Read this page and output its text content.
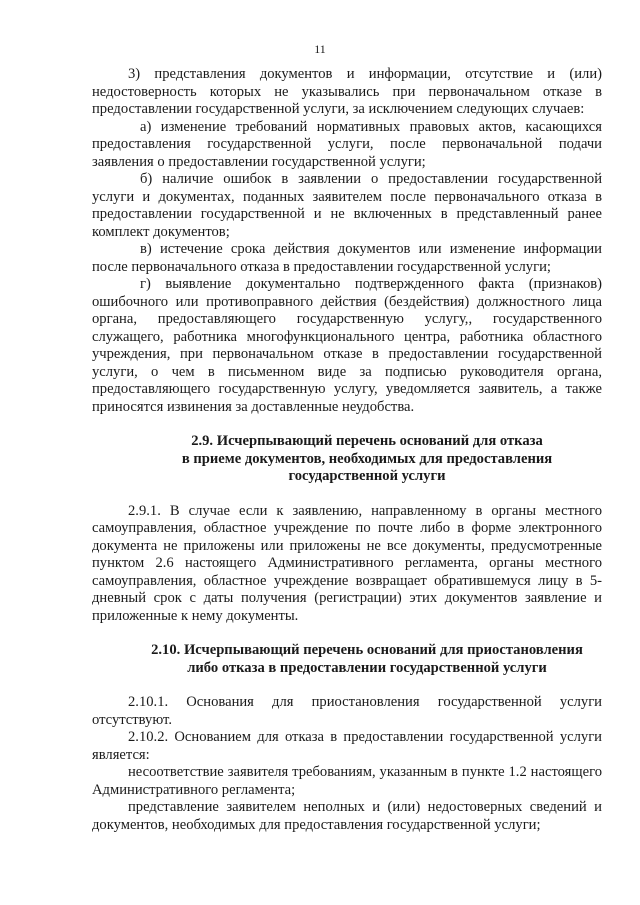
11

3) представления документов и информации, отсутствие и (или) недостоверность которых не указывались при первоначальном отказе в предоставлении государственной услуги, за исключением следующих случаев:

а) изменение требований нормативных правовых актов, касающихся предоставления государственной услуги, после первоначальной подачи заявления о предоставлении государственной услуги;

б) наличие ошибок в заявлении о предоставлении государственной услуги и документах, поданных заявителем после первоначального отказа в предоставлении государственной и не включенных в представленный ранее комплект документов;

в) истечение срока действия документов или изменение информации после первоначального отказа в предоставлении государственной услуги;

г) выявление документально подтвержденного факта (признаков) ошибочного или противоправного действия (бездействия) должностного лица органа, предоставляющего государственную услугу,, государственного служащего, работника многофункционального центра, работника областного учреждения, при первоначальном отказе в предоставлении государственной услуги, о чем в письменном виде за подписью руководителя органа, предоставляющего государственную услугу, уведомляется заявитель, а также приносятся извинения за доставленные неудобства.

2.9. Исчерпывающий перечень оснований для отказа
в приеме документов, необходимых для предоставления
государственной услуги

2.9.1. В случае если к заявлению, направленному в органы местного самоуправления, областное учреждение по почте либо в форме электронного документа не приложены или приложены не все документы, предусмотренные пунктом 2.6 настоящего Административного регламента, органы местного самоуправления, областное учреждение возвращает обратившемуся лицу в 5-дневный срок с даты получения (регистрации) этих документов заявление и приложенные к нему документы.

2.10. Исчерпывающий перечень оснований для приостановления
либо отказа в предоставлении государственной услуги

2.10.1. Основания для приостановления государственной услуги отсутствуют.

2.10.2. Основанием для отказа в предоставлении государственной услуги является:

несоответствие заявителя требованиям, указанным в пункте 1.2 настоящего Административного регламента;

представление заявителем неполных и (или) недостоверных сведений и документов, необходимых для предоставления государственной услуги;
